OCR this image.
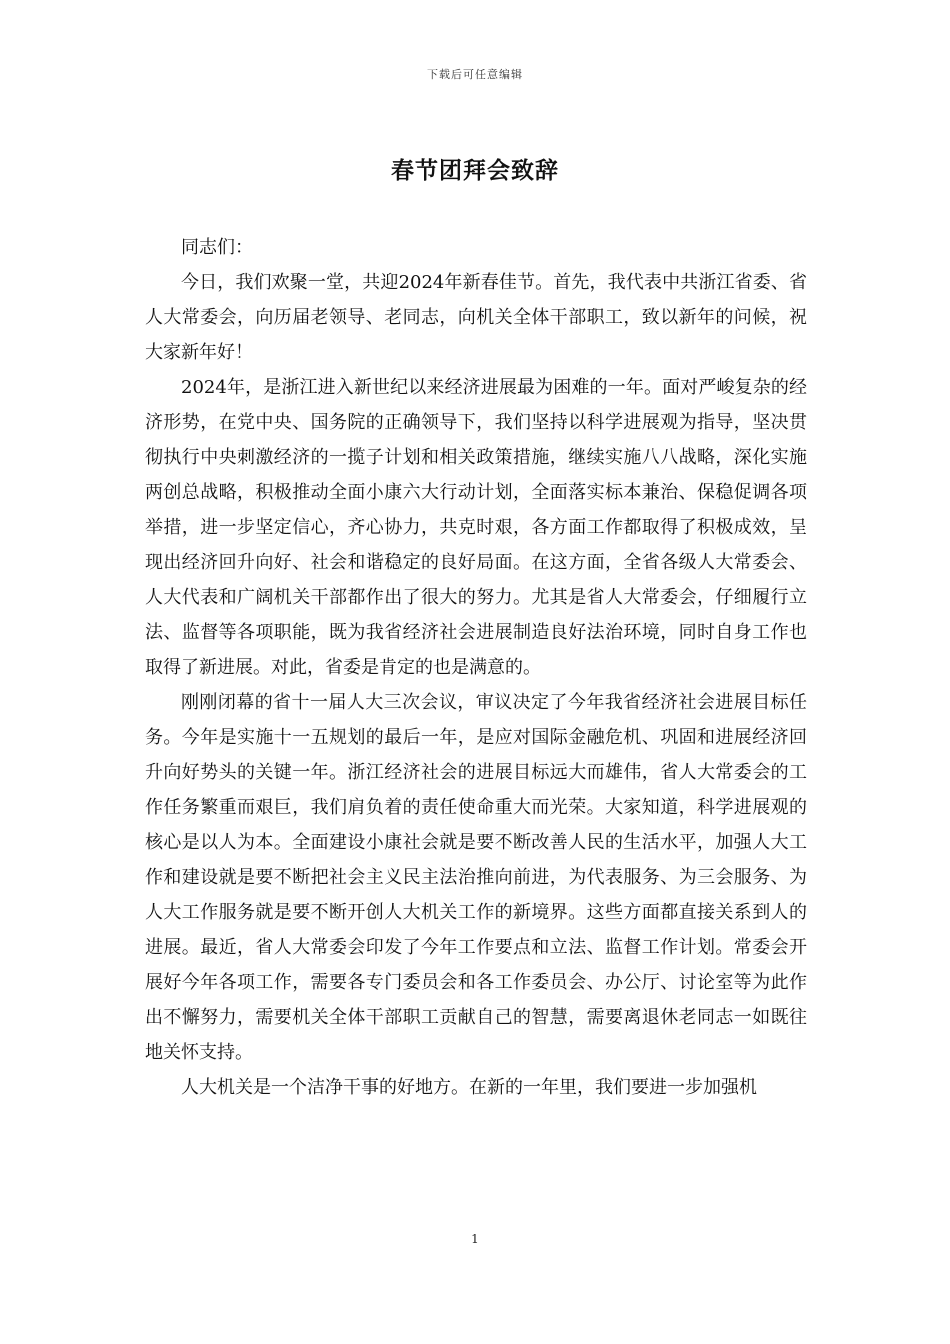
下载后可任意编辑
春节团拜会致辞

同志们：

今日，我们欢聚一堂，共迎2024年新春佳节。首先，我代表中共浙江省委、省人大常委会，向历届老领导、老同志，向机关全体干部职工，致以新年的问候，祝大家新年好！

2024年，是浙江进入新世纪以来经济进展最为困难的一年。面对严峻复杂的经济形势，在党中央、国务院的正确领导下，我们坚持以科学进展观为指导，坚决贯彻执行中央刺激经济的一揽子计划和相关政策措施，继续实施八八战略，深化实施两创总战略，积极推动全面小康六大行动计划，全面落实标本兼治、保稳促调各项举措，进一步坚定信心，齐心协力，共克时艰，各方面工作都取得了积极成效，呈现出经济回升向好、社会和谐稳定的良好局面。在这方面，全省各级人大常委会、人大代表和广阔机关干部都作出了很大的努力。尤其是省人大常委会，仔细履行立法、监督等各项职能，既为我省经济社会进展制造良好法治环境，同时自身工作也取得了新进展。对此，省委是肯定的也是满意的。

刚刚闭幕的省十一届人大三次会议，审议决定了今年我省经济社会进展目标任务。今年是实施十一五规划的最后一年，是应对国际金融危机、巩固和进展经济回升向好势头的关键一年。浙江经济社会的进展目标远大而雄伟，省人大常委会的工作任务繁重而艰巨，我们肩负着的责任使命重大而光荣。大家知道，科学进展观的核心是以人为本。全面建设小康社会就是要不断改善人民的生活水平，加强人大工作和建设就是要不断把社会主义民主法治推向前进，为代表服务、为三会服务、为人大工作服务就是要不断开创人大机关工作的新境界。这些方面都直接关系到人的进展。最近，省人大常委会印发了今年工作要点和立法、监督工作计划。常委会开展好今年各项工作，需要各专门委员会和各工作委员会、办公厅、讨论室等为此作出不懈努力，需要机关全体干部职工贡献自己的智慧，需要离退休老同志一如既往地关怀支持。

人大机关是一个洁净干事的好地方。在新的一年里，我们要进一步加强机

1
